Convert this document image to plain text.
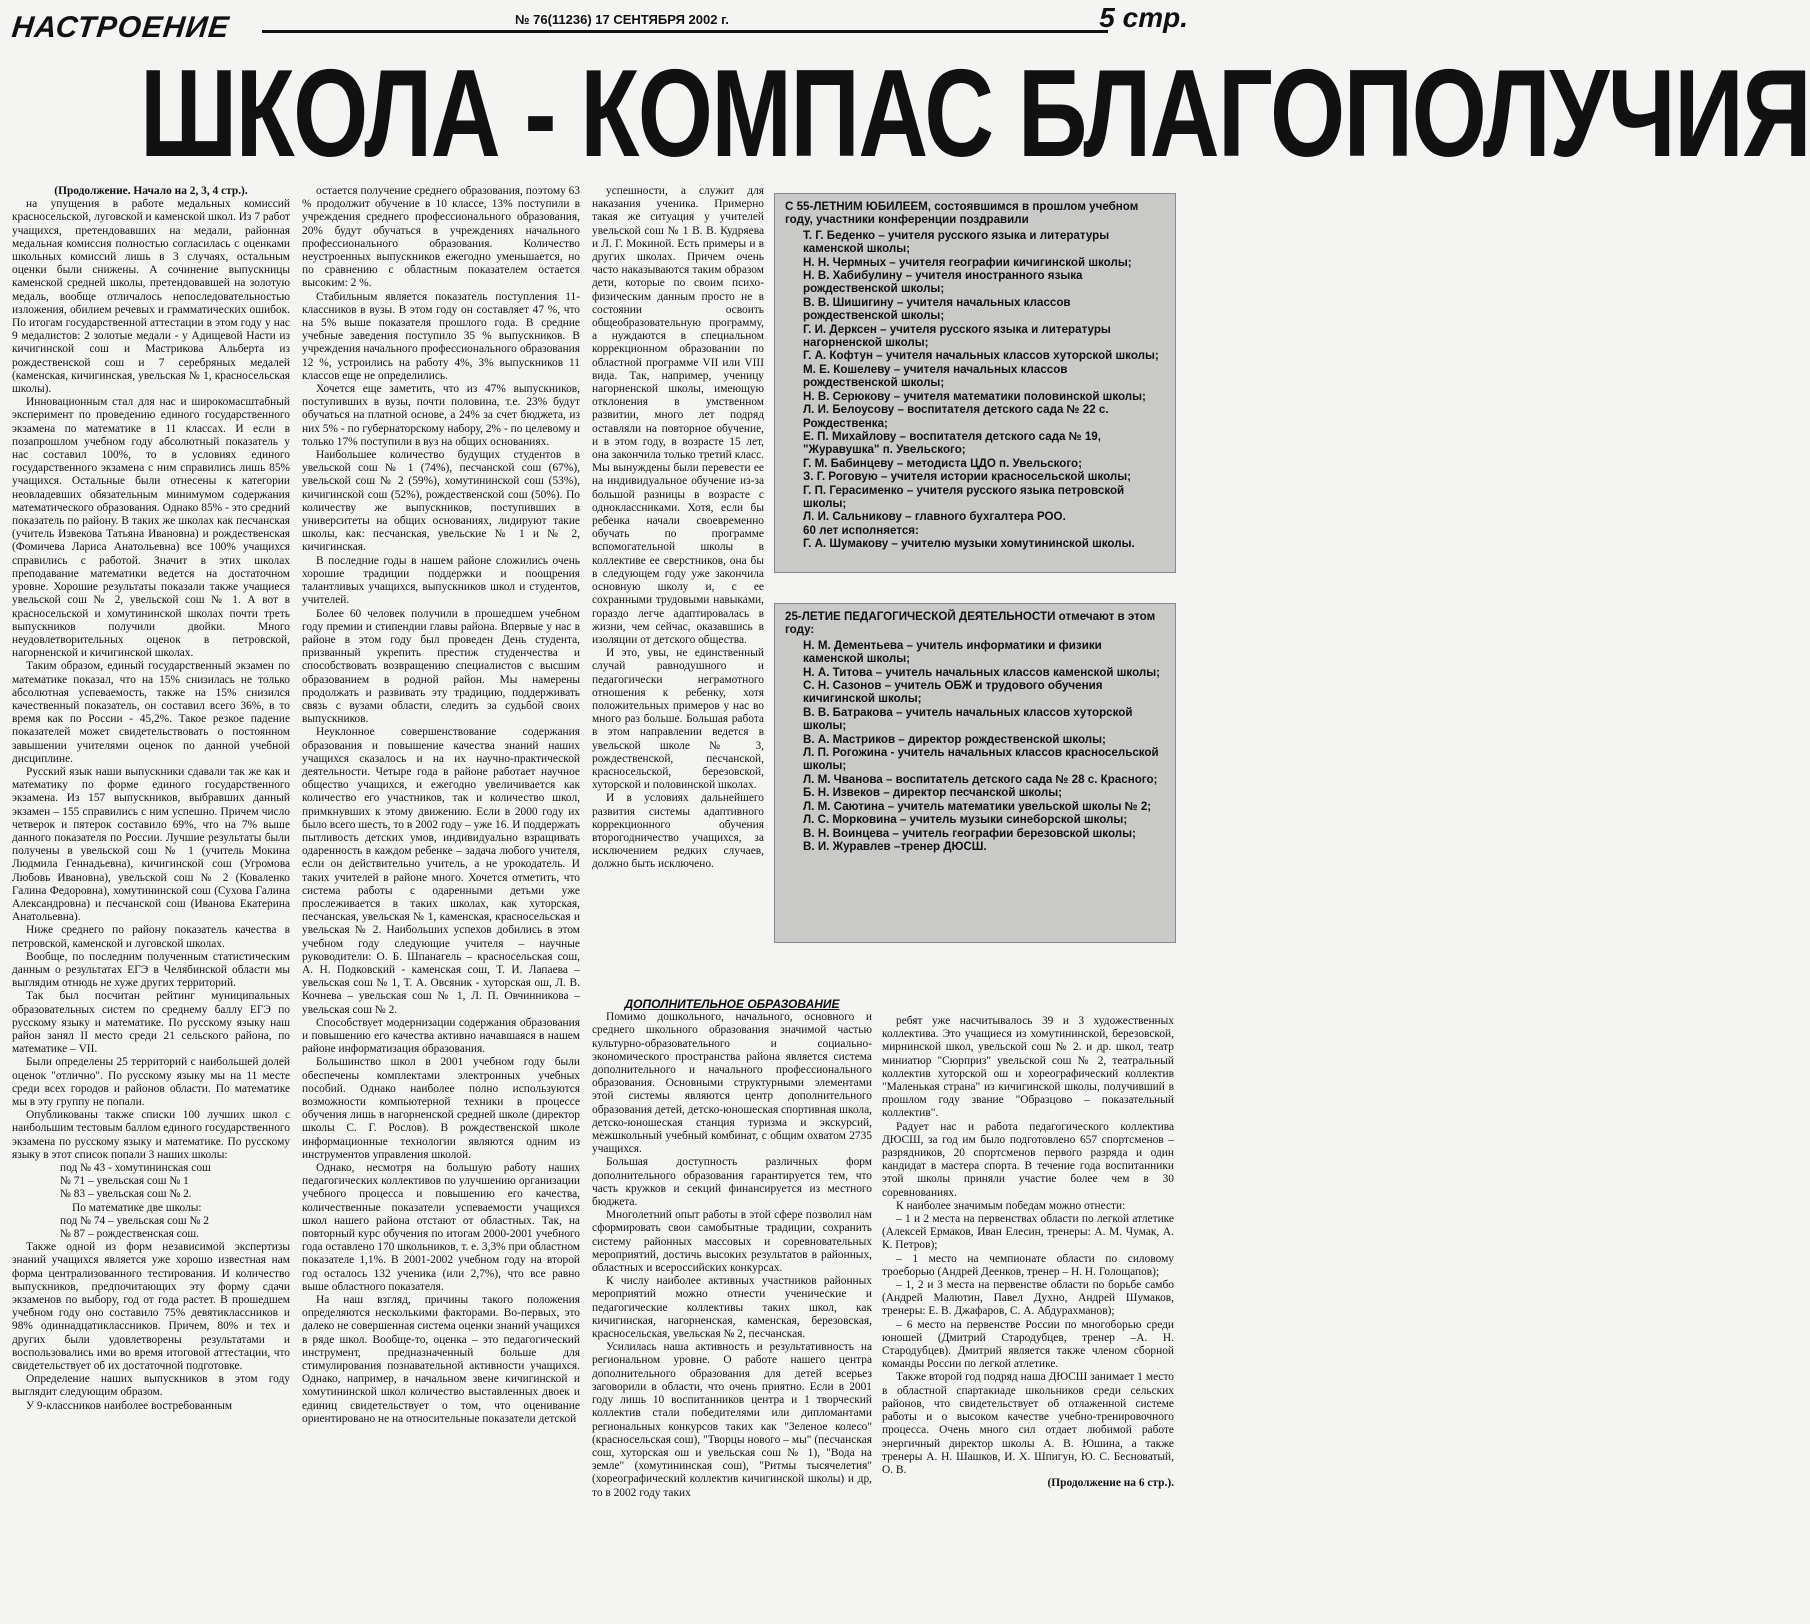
НАСТРОЕНИЕ	№ 76(11236) 17 СЕНТЯБРЯ 2002 г.	5 стр.
ШКОЛА - КОМПАС БЛАГОПОЛУЧИЯ

(Продолжение. Начало на 2, 3, 4 стр.).

на упущения в работе медальных комиссий красносельской, луговской и каменской школ. Из 7 работ учащихся, претендовавших на медали, районная медальная комиссия полностью согласилась с оценками школьных комиссий лишь в 3 случаях, остальным оценки были снижены. А сочинение выпускницы каменской средней школы, претендовавшей на золотую медаль, вообще отличалось непоследовательностью изложения, обилием речевых и грамматических ошибок. По итогам государственной аттестации в этом году у нас 9 медалистов: 2 золотые медали - у Адищевой Насти из кичигинской сош и Мастрикова Альберта из рождественской сош и 7 серебряных медалей (каменская, кичигинская, увельская № 1, красносельская школы).

Инновационным стал для нас и широкомасштабный эксперимент по проведению единого государственного экзамена по математике в 11 классах. И если в позапрошлом учебном году абсолютный показатель у нас составил 100%, то в условиях единого государственного экзамена с ним справились лишь 85% учащихся. Остальные были отнесены к категории неовладевших обязательным минимумом содержания математического образования. Однако 85% - это средний показатель по району. В таких же школах как песчанская (учитель Извекова Татьяна Ивановна) и рождественская (Фомичева Лариса Анатольевна) все 100% учащихся справились с работой. Значит в этих школах преподавание математики ведется на достаточном уровне. Хорошие результаты показали также учащиеся увельской сош № 2, увельской сош № 1. А вот в красносельской и хомутининской школах почти треть выпускников получили двойки. Много неудовлетворительных оценок в петровской, нагорненской и кичигинской школах.

Таким образом, единый государственный экзамен по математике показал, что на 15% снизилась не только абсолютная успеваемость, также на 15% снизился качественный показатель, он составил всего 36%, в то время как по России - 45,2%. Такое резкое падение показателей может свидетельствовать о постоянном завышении учителями оценок по данной учебной дисциплине.

Русский язык наши выпускники сдавали так же как и математику по форме единого государственного экзамена. Из 157 выпускников, выбравших данный экзамен – 155 справились с ним успешно. Причем число четверок и пятерок составило 69%, что на 7% выше данного показателя по России. Лучшие результаты были получены в увельской сош № 1 (учитель Мокина Людмила Геннадьевна), кичигинской сош (Угромова Любовь Ивановна), увельской сош № 2 (Коваленко Галина Федоровна), хомутининской сош (Сухова Галина Александровна) и песчанской сош (Иванова Екатерина Анатольевна).

Ниже среднего по району показатель качества в петровской, каменской и луговской школах.

Вообще, по последним полученным статистическим данным о результатах ЕГЭ в Челябинской области мы выглядим отнюдь не хуже других территорий.

Так был посчитан рейтинг муниципальных образовательных систем по среднему баллу ЕГЭ по русскому языку и математике. По русскому языку наш район занял II место среди 21 сельского района, по математике – VII.

Были определены 25 территорий с наибольшей долей оценок "отлично". По русскому языку мы на 11 месте среди всех городов и районов области. По математике мы в эту группу не попали.

Опубликованы также списки 100 лучших школ с наибольшим тестовым баллом единого государственного экзамена по русскому языку и математике. По русскому языку в этот список попали 3 наших школы:

под № 43 - хомутининская сош

№ 71 – увельская сош № 1

№ 83 – увельская сош № 2.

По математике две школы:

под № 74 – увельская сош № 2

№ 87 – рождественская сош.

Также одной из форм независимой экспертизы знаний учащихся является уже хорошо известная нам форма централизованного тестирования. И количество выпускников, предпочитающих эту форму сдачи экзаменов по выбору, год от года растет. В прошедшем учебном году оно составило 75% девятиклассников и 98% одиннадцатиклассников. Причем, 80% и тех и других были удовлетворены результатами и воспользовались ими во время итоговой аттестации, что свидетельствует об их достаточной подготовке.

Определение наших выпускников в этом году выглядит следующим образом.

У 9-классников наиболее востребованным

остается получение среднего образования, поэтому 63 % продолжит обучение в 10 классе, 13% поступили в учреждения среднего профессионального образования, 20% будут обучаться в учреждениях начального профессионального образования. Количество неустроенных выпускников ежегодно уменьшается, но по сравнению с областным показателем остается высоким: 2 %.

Стабильным является показатель поступления 11-классников в вузы. В этом году он составляет 47 %, что на 5% выше показателя прошлого года. В средние учебные заведения поступило 35 % выпускников. В учреждения начального профессионального образования 12 %, устроились на работу 4%, 3% выпускников 11 классов еще не определились.

Хочется еще заметить, что из 47% выпускников, поступивших в вузы, почти половина, т.е. 23% будут обучаться на платной основе, а 24% за счет бюджета, из них 5% - по губернаторскому набору, 2% - по целевому и только 17% поступили в вуз на общих основаниях.

Наибольшее количество будущих студентов в увельской сош № 1 (74%), песчанской сош (67%), увельской сош № 2 (59%), хомутининской сош (53%), кичигинской сош (52%), рождественской сош (50%). По количеству же выпускников, поступивших в университеты на общих основаниях, лидируют такие школы, как: песчанская, увельские № 1 и № 2, кичигинская.

В последние годы в нашем районе сложились очень хорошие традиции поддержки и поощрения талантливых учащихся, выпускников школ и студентов, учителей.

Более 60 человек получили в прошедшем учебном году премии и стипендии главы района. Впервые у нас в районе в этом году был проведен День студента, призванный укрепить престиж студенчества и способствовать возвращению специалистов с высшим образованием в родной район. Мы намерены продолжать и развивать эту традицию, поддерживать связь с вузами области, следить за судьбой своих выпускников.

Неуклонное совершенствование содержания образования и повышение качества знаний наших учащихся сказалось и на их научно-практической деятельности. Четыре года в районе работает научное общество учащихся, и ежегодно увеличивается как количество его участников, так и количество школ, примкнувших к этому движению. Если в 2000 году их было всего шесть, то в 2002 году – уже 16. И поддержать пытливость детских умов, индивидуально взращивать одаренность в каждом ребенке – задача любого учителя, если он действительно учитель, а не урокодатель. И таких учителей в районе много. Хочется отметить, что система работы с одаренными детьми уже прослеживается в таких школах, как хуторская, песчанская, увельская № 1, каменская, красносельская и увельская № 2. Наибольших успехов добились в этом учебном году следующие учителя – научные руководители: О. Б. Шпанагель – красносельская сош, А. Н. Подковский - каменская сош, Т. И. Лапаева – увельская сош № 1, Т. А. Овсяник - хуторская ош, Л. В. Кочнева – увельская сош № 1, Л. П. Овчинникова – увельская сош № 2.

Способствует модернизации содержания образования и повышению его качества активно начавшаяся в нашем районе информатизация образования.

Большинство школ в 2001 учебном году были обеспечены комплектами электронных учебных пособий. Однако наиболее полно используются возможности компьютерной техники в процессе обучения лишь в нагорненской средней школе (директор школы С. Г. Рослов). В рождественской школе информационные технологии являются одним из инструментов управления школой.

Однако, несмотря на большую работу наших педагогических коллективов по улучшению организации учебного процесса и повышению его качества, количественные показатели успеваемости учащихся школ нашего района отстают от областных. Так, на повторный курс обучения по итогам 2000-2001 учебного года оставлено 170 школьников, т. е. 3,3% при областном показателе 1,1%. В 2001-2002 учебном году на второй год осталось 132 ученика (или 2,7%), что все равно выше областного показателя.

На наш взгляд, причины такого положения определяются несколькими факторами. Во-первых, это далеко не совершенная система оценки знаний учащихся в ряде школ. Вообще-то, оценка – это педагогический инструмент, предназначенный больше для стимулирования познавательной активности учащихся. Однако, например, в начальном звене кичигинской и хомутининской школ количество выставленных двоек и единиц свидетельствует о том, что оценивание ориентировано не на относительные показатели детской

успешности, а служит для наказания ученика. Примерно такая же ситуация у учителей увельской сош № 1 В. В. Кудряева и Л. Г. Мокиной. Есть примеры и в других школах. Причем очень часто наказываются таким образом дети, которые по своим психо-физическим данным просто не в состоянии освоить общеобразовательную программу, а нуждаются в специальном коррекционном образовании по областной программе VII или VIII вида. Так, например, ученицу нагорненской школы, имеющую отклонения в умственном развитии, много лет подряд оставляли на повторное обучение, и в этом году, в возрасте 15 лет, она закончила только третий класс. Мы вынуждены были перевести ее на индивидуальное обучение из-за большой разницы в возрасте с одноклассниками. Хотя, если бы ребенка начали своевременно обучать по программе вспомогательной школы в коллективе ее сверстников, она бы в следующем году уже закончила основную школу и, с ее сохранными трудовыми навыками, гораздо легче адаптировалась в жизни, чем сейчас, оказавшись в изоляции от детского общества.

И это, увы, не единственный случай равнодушного и педагогически неграмотного отношения к ребенку, хотя положительных примеров у нас во много раз больше. Большая работа в этом направлении ведется в увельской школе № 3, рождественской, песчанской, красносельской, березовской, хуторской и половинской школах.

И в условиях дальнейшего развития системы адаптивного коррекционного обучения второгодничество учащихся, за исключением редких случаев, должно быть исключено.

ДОПОЛНИТЕЛЬНОЕ ОБРАЗОВАНИЕ

Помимо дошкольного, начального, основного и среднего школьного образования значимой частью культурно-образовательного и социально-экономического пространства района является система дополнительного и начального профессионального образования. Основными структурными элементами этой системы являются центр дополнительного образования детей, детско-юношеская спортивная школа, детско-юношеская станция туризма и экскурсий, межшкольный учебный комбинат, с общим охватом 2735 учащихся.

Большая доступность различных форм дополнительного образования гарантируется тем, что часть кружков и секций финансируется из местного бюджета.

Многолетний опыт работы в этой сфере позволил нам сформировать свои самобытные традиции, сохранить систему районных массовых и соревновательных мероприятий, достичь высоких результатов в районных, областных и всероссийских конкурсах.

К числу наиболее активных участников районных мероприятий можно отнести ученические и педагогические коллективы таких школ, как кичигинская, нагорненская, каменская, березовская, красносельская, увельская № 2, песчанская.

Усилилась наша активность и результативность на региональном уровне. О работе нашего центра дополнительного образования для детей всерьез заговорили в области, что очень приятно. Если в 2001 году лишь 10 воспитанников центра и 1 творческий коллектив стали победителями или дипломантами региональных конкурсов таких как "Зеленое колесо" (красносельская сош), "Творцы нового – мы" (песчанская сош, хуторская ош и увельская сош № 1), "Вода на земле" (хомутининская сош), "Ритмы тысячелетия" (хореографический коллектив кичигинской школы) и др, то в 2002 году таких

ребят уже насчитывалось 39 и 3 художественных коллектива. Это учащиеся из хомутининской, березовской, мирнинской школ, увельской сош № 2. и др. школ, театр миниатюр "Сюрприз" увельской сош № 2, театральный коллектив хуторской ош и хореографический коллектив "Маленькая страна" из кичигинской школы, получивший в прошлом году звание "Образцово – показательный коллектив".

Радует нас и работа педагогического коллектива ДЮСШ, за год им было подготовлено 657 спортсменов – разрядников, 20 спортсменов первого разряда и один кандидат в мастера спорта. В течение года воспитанники этой школы приняли участие более чем в 30 соревнованиях.

К наиболее значимым победам можно отнести:

– 1 и 2 места на первенствах области по легкой атлетике (Алексей Ермаков, Иван Елесин, тренеры: А. М. Чумак, А. К. Петров);

– 1 место на чемпионате области по силовому троеборью (Андрей Деенков, тренер – Н. Н. Голощапов);

– 1, 2 и 3 места на первенстве области по борьбе самбо (Андрей Малютин, Павел Духно, Андрей Шумаков, тренеры: Е. В. Джафаров, С. А. Абдурахманов);

– 6 место на первенстве России по многоборью среди юношей (Дмитрий Стародубцев, тренер –А. Н. Стародубцев). Дмитрий является также членом сборной команды России по легкой атлетике.

Также второй год подряд наша ДЮСШ занимает 1 место в областной спартакиаде школьников среди сельских районов, что свидетельствует об отлаженной системе работы и о высоком качестве учебно-тренировочного процесса. Очень много сил отдает любимой работе энергичный директор школы А. В. Юшина, а также тренеры А. Н. Шашков, И. Х. Шпигун, Ю. С. Бесноватый, О. В.

(Продолжение на 6 стр.).

С 55-ЛЕТНИМ ЮБИЛЕЕМ, состоявшимся в прошлом учебном году, участники конференции поздравили
Т. Г. Беденко – учителя русского языка и литературы каменской школы;
Н. Н. Чермных – учителя географии кичигинской школы;
Н. В. Хабибулину – учителя иностранного языка рождественской школы;
В. В. Шишигину – учителя начальных классов рождественской школы;
Г. И. Дерксен – учителя русского языка и литературы нагорненской школы;
Г. А. Кофтун – учителя начальных классов хуторской школы;
М. Е. Кошелеву – учителя начальных классов рождественской школы;
Н. В. Серюкову – учителя математики половинской школы;
Л. И. Белоусову – воспитателя детского сада № 22 с. Рождественка;
Е. П. Михайлову – воспитателя детского сада № 19, "Журавушка" п. Увельского;
Г. М. Бабинцеву – методиста ЦДО п. Увельского;
З. Г. Роговую – учителя истории красносельской школы;
Г. П. Герасименко – учителя русского языка петровской школы;
Л. И. Сальникову – главного бухгалтера РОО.
60 лет исполняется:
Г. А. Шумакову – учителю музыки хомутининской школы.
25-ЛЕТИЕ ПЕДАГОГИЧЕСКОЙ ДЕЯТЕЛЬНОСТИ отмечают в этом году:
Н. М. Дементьева – учитель информатики и физики каменской школы;
Н. А. Титова – учитель начальных классов каменской школы;
С. Н. Сазонов – учитель ОБЖ и трудового обучения кичигинской школы;
В. В. Батракова – учитель начальных классов хуторской школы;
В. А. Мастриков – директор рождественской школы;
Л. П. Рогожина - учитель начальных классов красносельской школы;
Л. М. Чванова – воспитатель детского сада № 28 с. Красного;
Б. Н. Извеков – директор песчанской школы;
Л. М. Саютина – учитель математики увельской школы № 2;
Л. С. Морковина – учитель музыки синеборской школы;
В. Н. Воинцева – учитель географии березовской школы;
В. И. Журавлев –тренер ДЮСШ.
